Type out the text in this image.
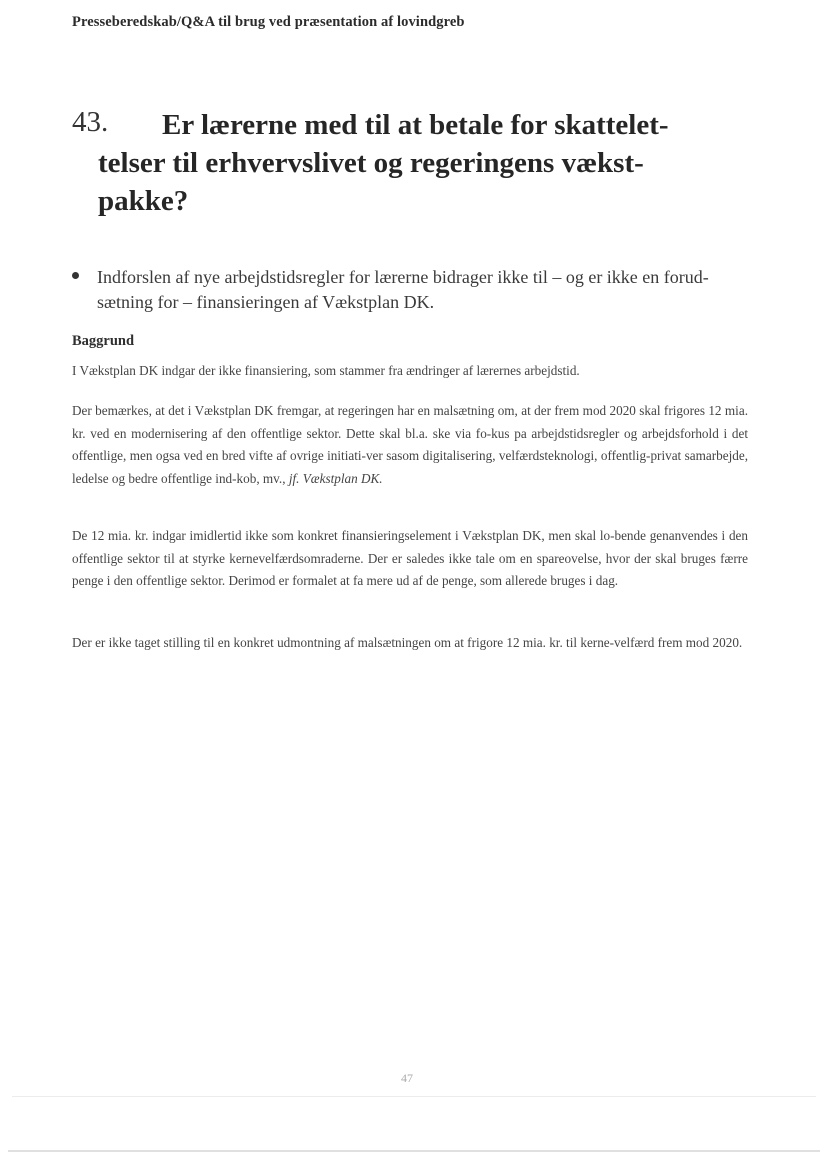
Presseberedskab/Q&A til brug ved præsentation af lovindgreb
43.	Er lærerne med til at betale for skattelet-
telser til erhvervslivet og regeringens vækst-
pakke?
Indforslen af nye arbejdstidsregler for lærerne bidrager ikke til – og er ikke en forud-sætning for – finansieringen af Vækstplan DK.
Baggrund

I Vækstplan DK indgar der ikke finansiering, som stammer fra ændringer af lærernes arbejdstid.

Der bemærkes, at det i Vækstplan DK fremgar, at regeringen har en malsætning om, at der frem mod 2020 skal frigores 12 mia. kr. ved en modernisering af den offentlige sektor. Dette skal bl.a. ske via fo-kus pa arbejdstidsregler og arbejdsforhold i det offentlige, men ogsa ved en bred vifte af ovrige initiati-ver sasom digitalisering, velfærdsteknologi, offentlig-privat samarbejde, ledelse og bedre offentlige ind-kob, mv., jf. Vækstplan DK.

De 12 mia. kr. indgar imidlertid ikke som konkret finansieringselement i Vækstplan DK, men skal lo-bende genanvendes i den offentlige sektor til at styrke kernevelfærdsomraderne. Der er saledes ikke tale om en spareovelse, hvor der skal bruges færre penge i den offentlige sektor. Derimod er formalet at fa mere ud af de penge, som allerede bruges i dag.

Der er ikke taget stilling til en konkret udmontning af malsætningen om at frigore 12 mia. kr. til kerne-velfærd frem mod 2020.

47
